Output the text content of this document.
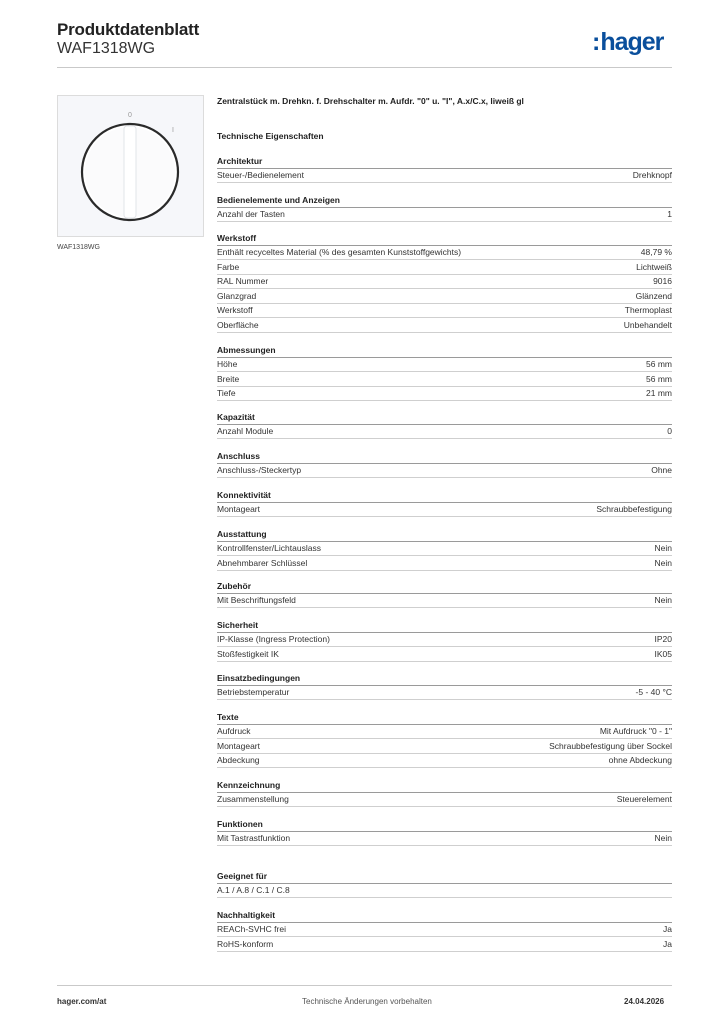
Produktdatenblatt
WAF1318WG	:hager
0
I
WAF1318WG
Zentralstück m. Drehkn. f. Drehschalter m. Aufdr. "0" u. "I", A.x/C.x, lіweiß gl
Technische Eigenschaften
Architektur
Steuer-/Bedienelement	Drehknopf
Bedienelemente und Anzeigen
Anzahl der Tasten	1
Werkstoff
Enthält recyceltes Material (% des gesamten Kunststoffgewichts)	48,79 %
Farbe	Lichtweiß
RAL Nummer	9016
Glanzgrad	Glänzend
Werkstoff	Thermoplast
Oberfläche	Unbehandelt
Abmessungen
Höhe	56 mm
Breite	56 mm
Tiefe	21 mm
Kapazität
Anzahl Module	0
Anschluss
Anschluss-/Steckertyp	Ohne
Konnektivität
Montageart	Schraubbefestigung
Ausstattung
Kontrollfenster/Lichtauslass	Nein
Abnehmbarer Schlüssel	Nein
Zubehör
Mit Beschriftungsfeld	Nein
Sicherheit
IP-Klasse (Ingress Protection)	IP20
Stoßfestigkeit IK	IK05
Einsatzbedingungen
Betriebstemperatur	-5 - 40 °C
Texte
Aufdruck	Mit Aufdruck "0 - 1"
Montageart	Schraubbefestigung über Sockel
Abdeckung	ohne Abdeckung
Kennzeichnung
Zusammenstellung	Steuerelement
Funktionen
Mit Tastrastfunktion	Nein
Geeignet für
A.1 / A.8 / C.1 / C.8
Nachhaltigkeit
REACh-SVHC frei	Ja
RoHS-konform	Ja
hager.com/at	Technische Änderungen vorbehalten	24.04.2026
